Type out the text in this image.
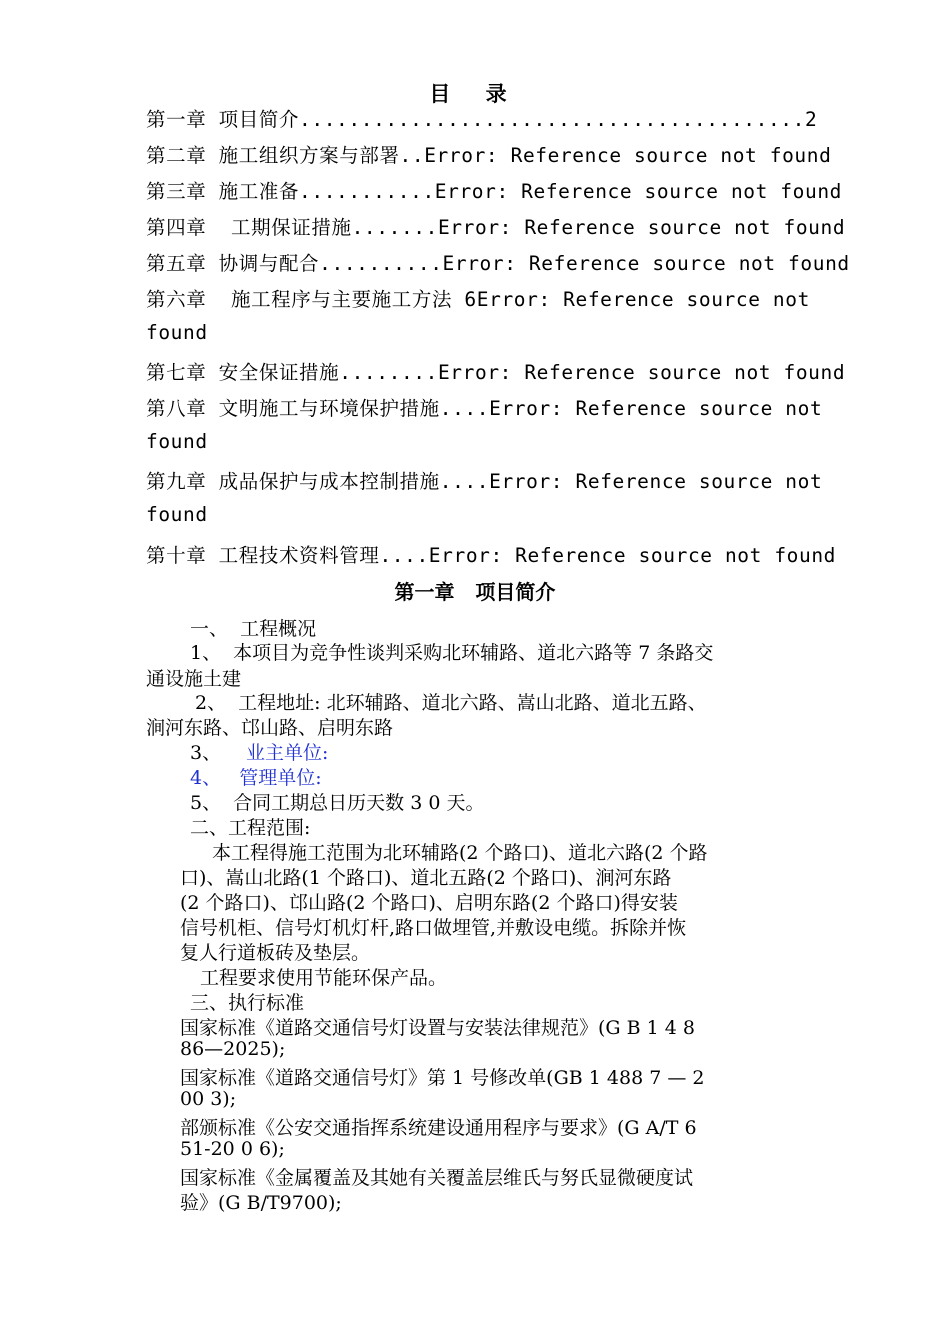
目 录
第一章 项目简介.........................................2
第二章 施工组织方案与部署..Error: Reference source not found
第三章 施工准备...........Error: Reference source not found
第四章  工期保证措施.......Error: Reference source not found
第五章 协调与配合..........Error: Reference source not found
第六章  施工程序与主要施工方法 6Error: Reference source not
found
第七章 安全保证措施........Error: Reference source not found
第八章 文明施工与环境保护措施....Error: Reference source not
found
第九章 成品保护与成本控制措施....Error: Reference source not
found
第十章 工程技术资料管理....Error: Reference source not found
第一章   项目简介
一、  工程概况
1、  本项目为竞争性谈判采购北环辅路、道北六路等 7 条路交
通设施土建
2、  工程地址: 北环辅路、道北六路、嵩山北路、道北五路、
涧河东路、邙山路、启明东路
3、 业主单位:
4、   管理单位:
5、  合同工期总日历天数 3 0 天。
二、工程范围:
本工程得施工范围为北环辅路(2 个路口)、道北六路(2 个路
口)、嵩山北路(1 个路口)、道北五路(2 个路口)、涧河东路
(2 个路口)、邙山路(2 个路口)、启明东路(2 个路口)得安装
信号机柜、信号灯机灯杆,路口做埋管,并敷设电缆。拆除并恢
复人行道板砖及垫层。
工程要求使用节能环保产品。
三、执行标准
国家标准《道路交通信号灯设置与安装法律规范》(G B 1 4 8
86—2025);
国家标准《道路交通信号灯》第 1 号修改单(GB 1 488 7 — 2
00 3);
部颁标准《公安交通指挥系统建设通用程序与要求》(G A/T 6
51-20 0 6);
国家标准《金属覆盖及其她有关覆盖层维氏与努氏显微硬度试
验》(G B/T9700);
